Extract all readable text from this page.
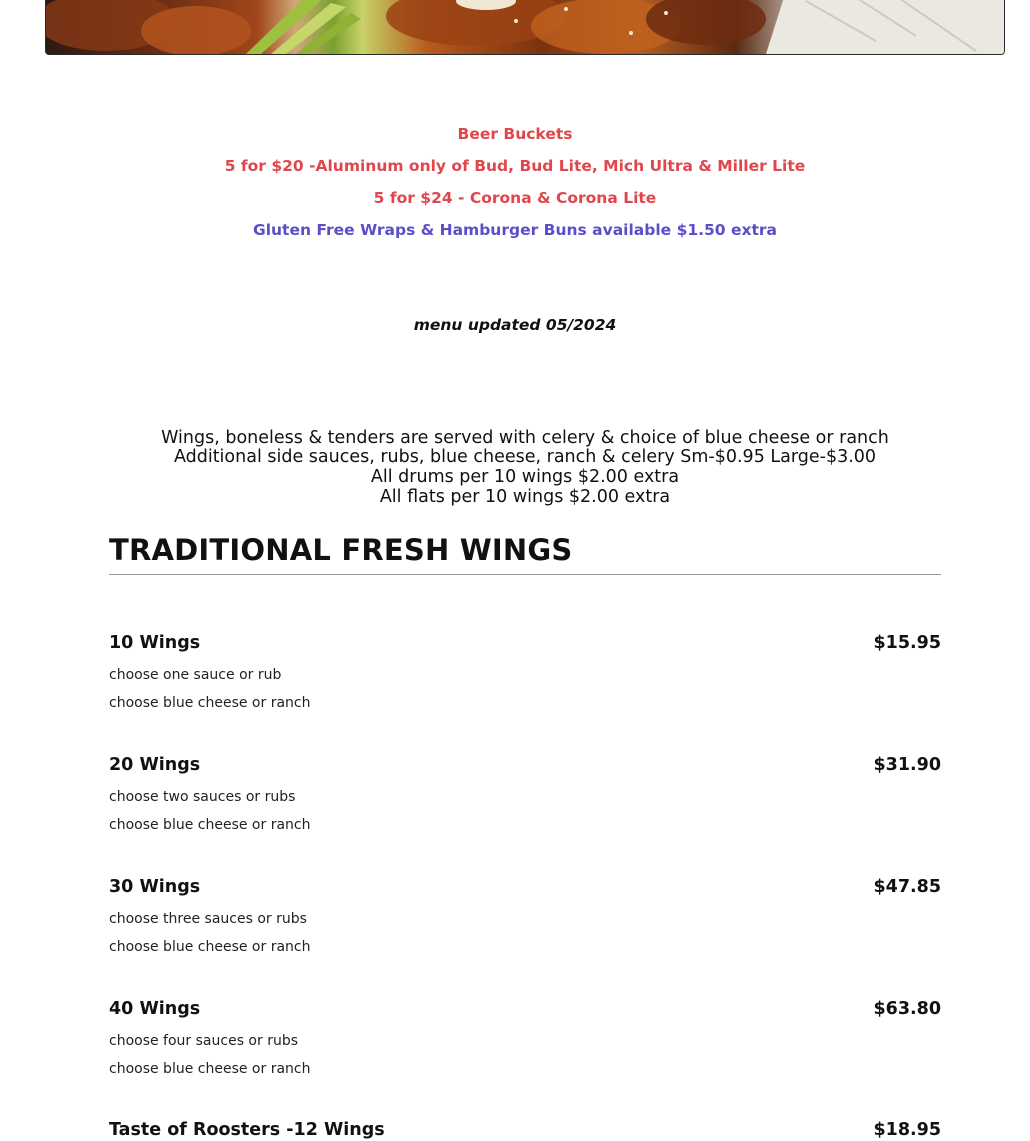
Beer Buckets
5 for $20 -Aluminum only of Bud, Bud Lite, Mich Ultra & Miller Lite
5 for $24 - Corona & Corona Lite
Gluten Free Wraps & Hamburger Buns available $1.50 extra
menu updated 05/2024
Wings, boneless & tenders are served with celery & choice of blue cheese or ranch
Additional side sauces, rubs, blue cheese, ranch & celery Sm-$0.95 Large-$3.00
All drums per 10 wings $2.00 extra
All flats per 10 wings $2.00 extra
TRADITIONAL FRESH WINGS
10 Wings	$15.95
choose one sauce or rub
choose blue cheese or ranch
20 Wings	$31.90
choose two sauces or rubs
choose blue cheese or ranch
30 Wings	$47.85
choose three sauces or rubs
choose blue cheese or ranch
40 Wings	$63.80
choose four sauces or rubs
choose blue cheese or ranch
Taste of Roosters -12 Wings	$18.95
